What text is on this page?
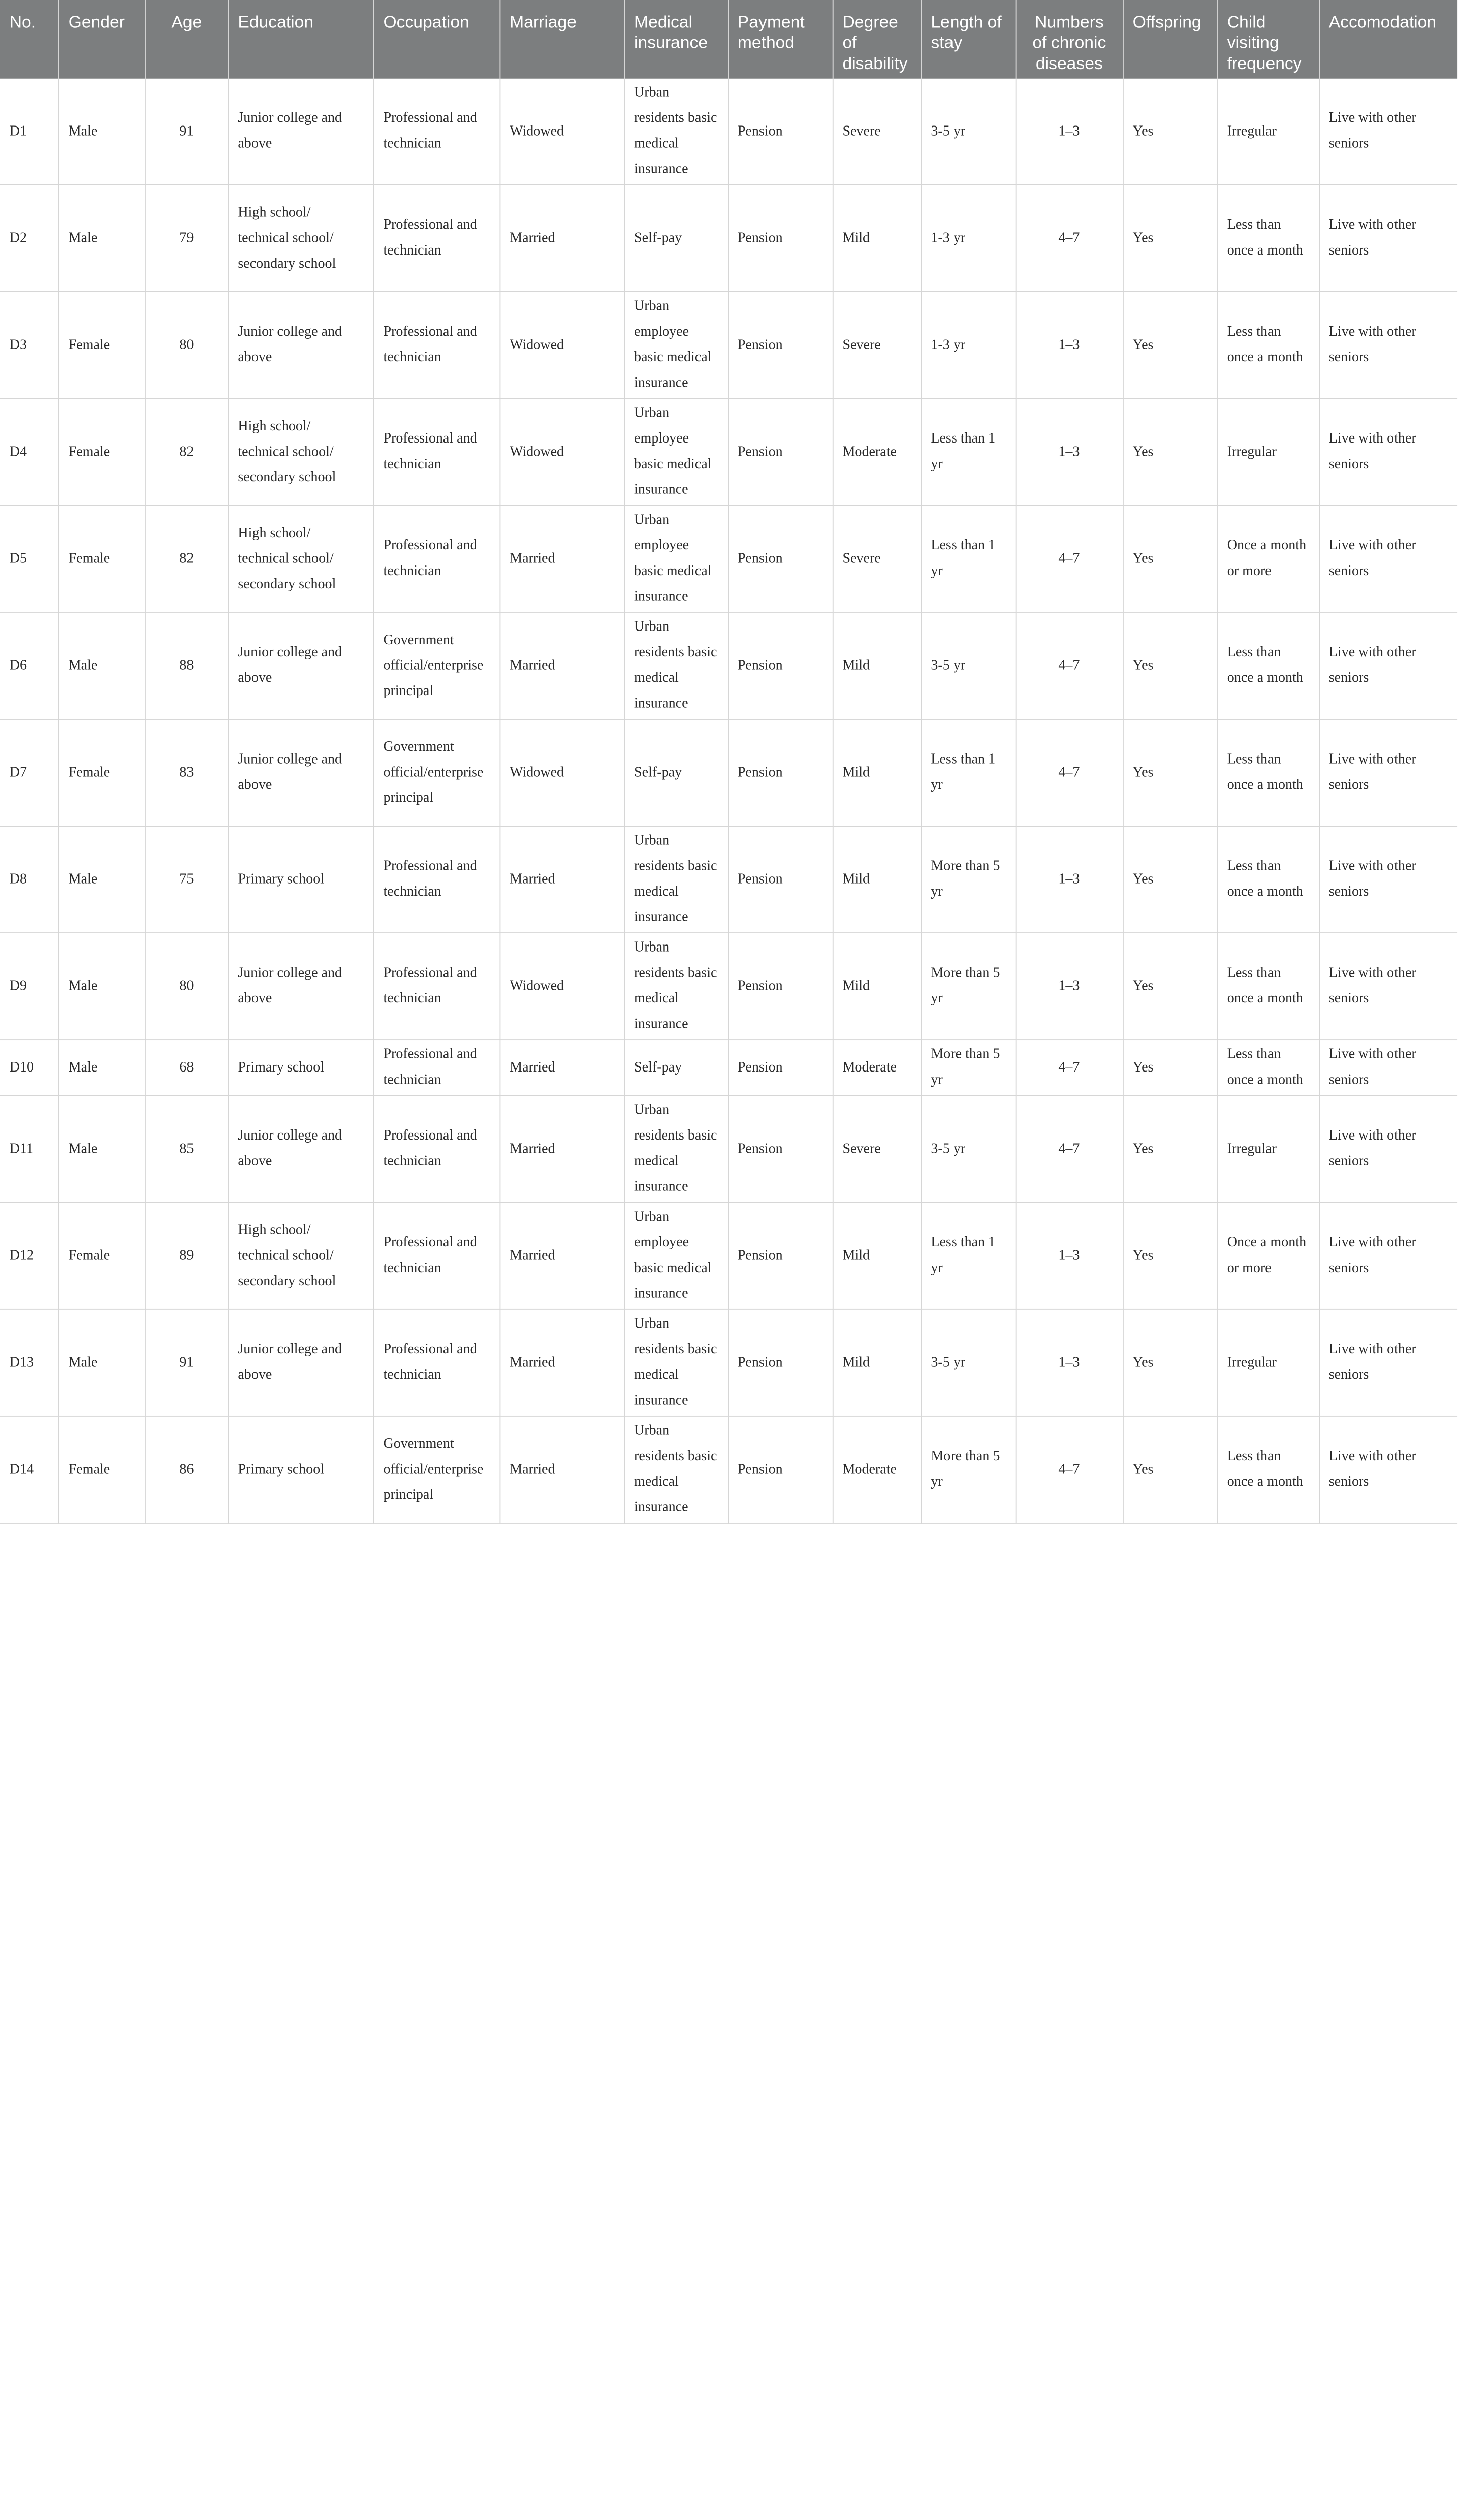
No.	Gender	Age	Education	Occupation	Marriage	Medical insurance	Payment method	Degree of disability	Length of stay	Numbers of chronic diseases	Offspring	Child visiting frequency	Accomodation
D1	Male	91	Junior college and above	Professional and technician	Widowed	Urban residents basic medical insurance	Pension	Severe	3-5 yr	1–3	Yes	Irregular	Live with other seniors
D2	Male	79	High school/ technical school/ secondary school	Professional and technician	Married	Self-pay	Pension	Mild	1-3 yr	4–7	Yes	Less than once a month	Live with other seniors
D3	Female	80	Junior college and above	Professional and technician	Widowed	Urban employee basic medical insurance	Pension	Severe	1-3 yr	1–3	Yes	Less than once a month	Live with other seniors
D4	Female	82	High school/ technical school/ secondary school	Professional and technician	Widowed	Urban employee basic medical insurance	Pension	Moderate	Less than 1 yr	1–3	Yes	Irregular	Live with other seniors
D5	Female	82	High school/ technical school/ secondary school	Professional and technician	Married	Urban employee basic medical insurance	Pension	Severe	Less than 1 yr	4–7	Yes	Once a month or more	Live with other seniors
D6	Male	88	Junior college and above	Government official/enterprise principal	Married	Urban residents basic medical insurance	Pension	Mild	3-5 yr	4–7	Yes	Less than once a month	Live with other seniors
D7	Female	83	Junior college and above	Government official/enterprise principal	Widowed	Self-pay	Pension	Mild	Less than 1 yr	4–7	Yes	Less than once a month	Live with other seniors
D8	Male	75	Primary school	Professional and technician	Married	Urban residents basic medical insurance	Pension	Mild	More than 5 yr	1–3	Yes	Less than once a month	Live with other seniors
D9	Male	80	Junior college and above	Professional and technician	Widowed	Urban residents basic medical insurance	Pension	Mild	More than 5 yr	1–3	Yes	Less than once a month	Live with other seniors
D10	Male	68	Primary school	Professional and technician	Married	Self-pay	Pension	Moderate	More than 5 yr	4–7	Yes	Less than once a month	Live with other seniors
D11	Male	85	Junior college and above	Professional and technician	Married	Urban residents basic medical insurance	Pension	Severe	3-5 yr	4–7	Yes	Irregular	Live with other seniors
D12	Female	89	High school/ technical school/ secondary school	Professional and technician	Married	Urban employee basic medical insurance	Pension	Mild	Less than 1 yr	1–3	Yes	Once a month or more	Live with other seniors
D13	Male	91	Junior college and above	Professional and technician	Married	Urban residents basic medical insurance	Pension	Mild	3-5 yr	1–3	Yes	Irregular	Live with other seniors
D14	Female	86	Primary school	Government official/enterprise principal	Married	Urban residents basic medical insurance	Pension	Moderate	More than 5 yr	4–7	Yes	Less than once a month	Live with other seniors
